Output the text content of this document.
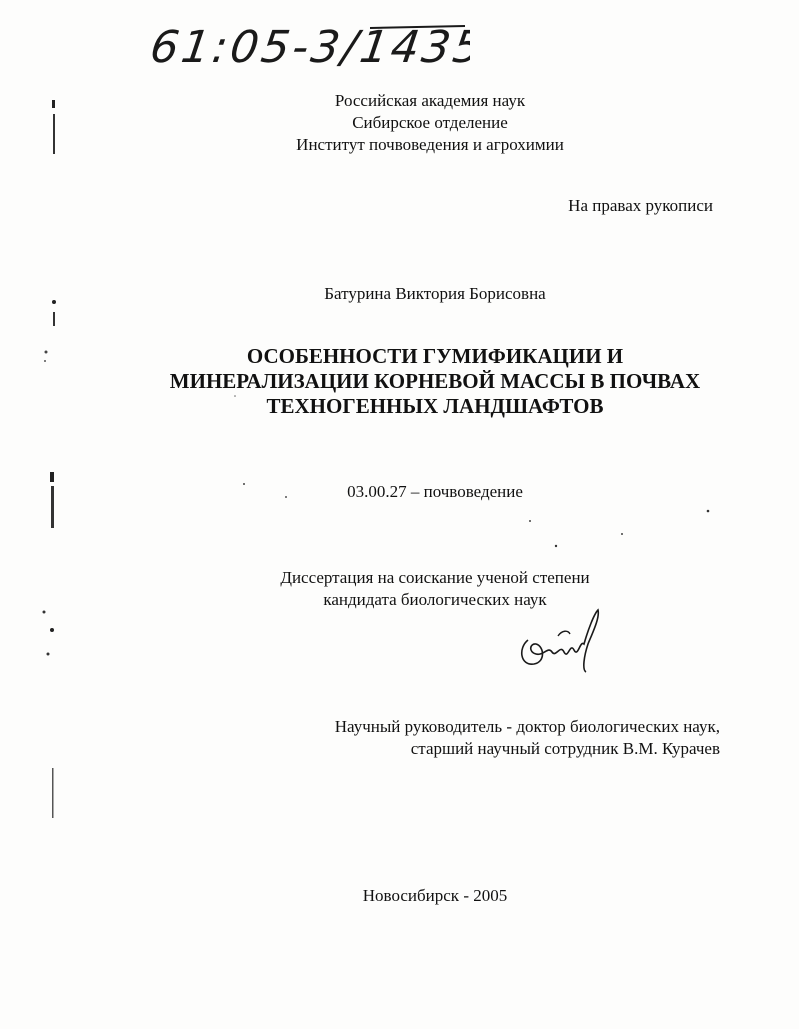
61:05-3/1435
Российская академия наук
Сибирское отделение
Институт почвоведения и агрохимии
На правах рукописи
Батурина Виктория Борисовна
ОСОБЕННОСТИ ГУМИФИКАЦИИ И
МИНЕРАЛИЗАЦИИ КОРНЕВОЙ МАССЫ В ПОЧВАХ
ТЕХНОГЕННЫХ ЛАНДШАФТОВ
03.00.27 – почвоведение
Диссертация на соискание ученой степени
кандидата биологических наук
Научный руководитель - доктор биологических наук,
старший научный сотрудник В.М. Курачев
Новосибирск - 2005
